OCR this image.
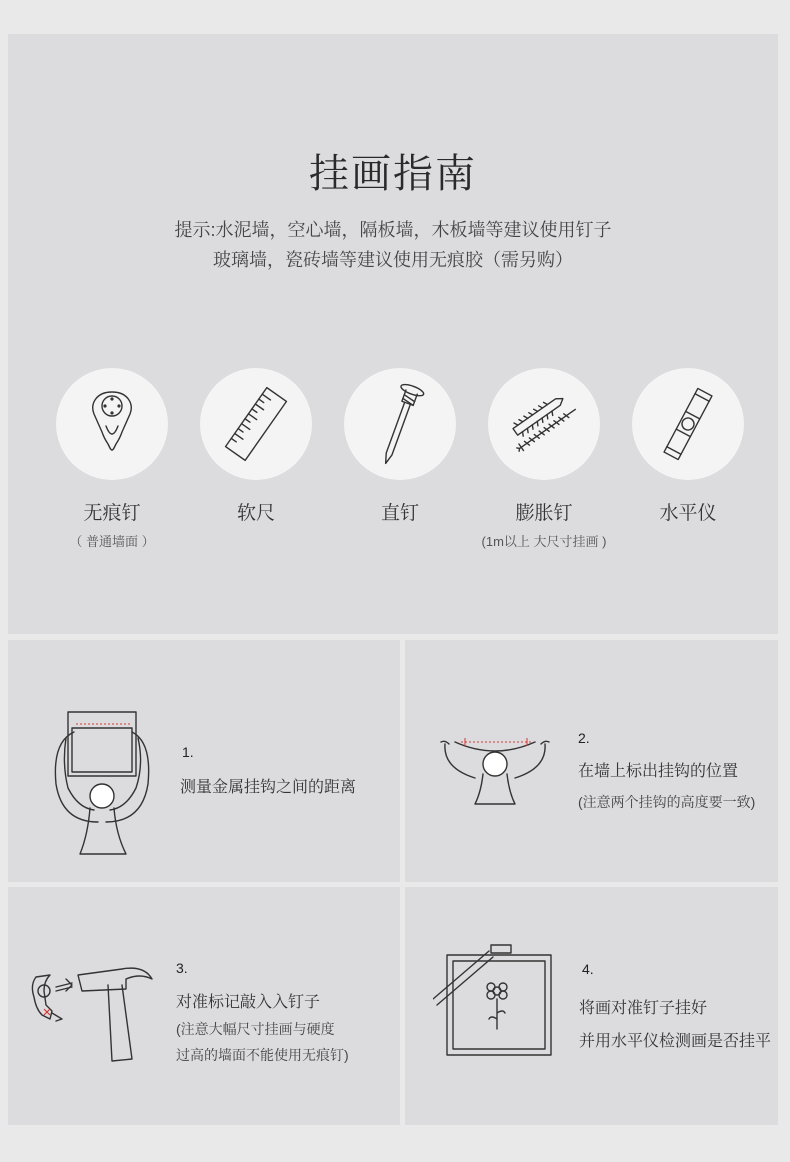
挂画指南
提示:水泥墙，空心墙，隔板墙，木板墙等建议使用钉子
玻璃墙，瓷砖墙等建议使用无痕胶（需另购）
无痕钉
（ 普通墙面 ）
软尺	直钉	膨胀钉
(1m以上 大尺寸挂画 )
水平仪
1.
测量金属挂钩之间的距离
2.
在墙上标出挂钩的位置
(注意两个挂钩的高度要一致)
3.
对准标记敲入入钉子
(注意大幅尺寸挂画与硬度
过高的墙面不能使用无痕钉)
4.
将画对准钉子挂好
并用水平仪检测画是否挂平
